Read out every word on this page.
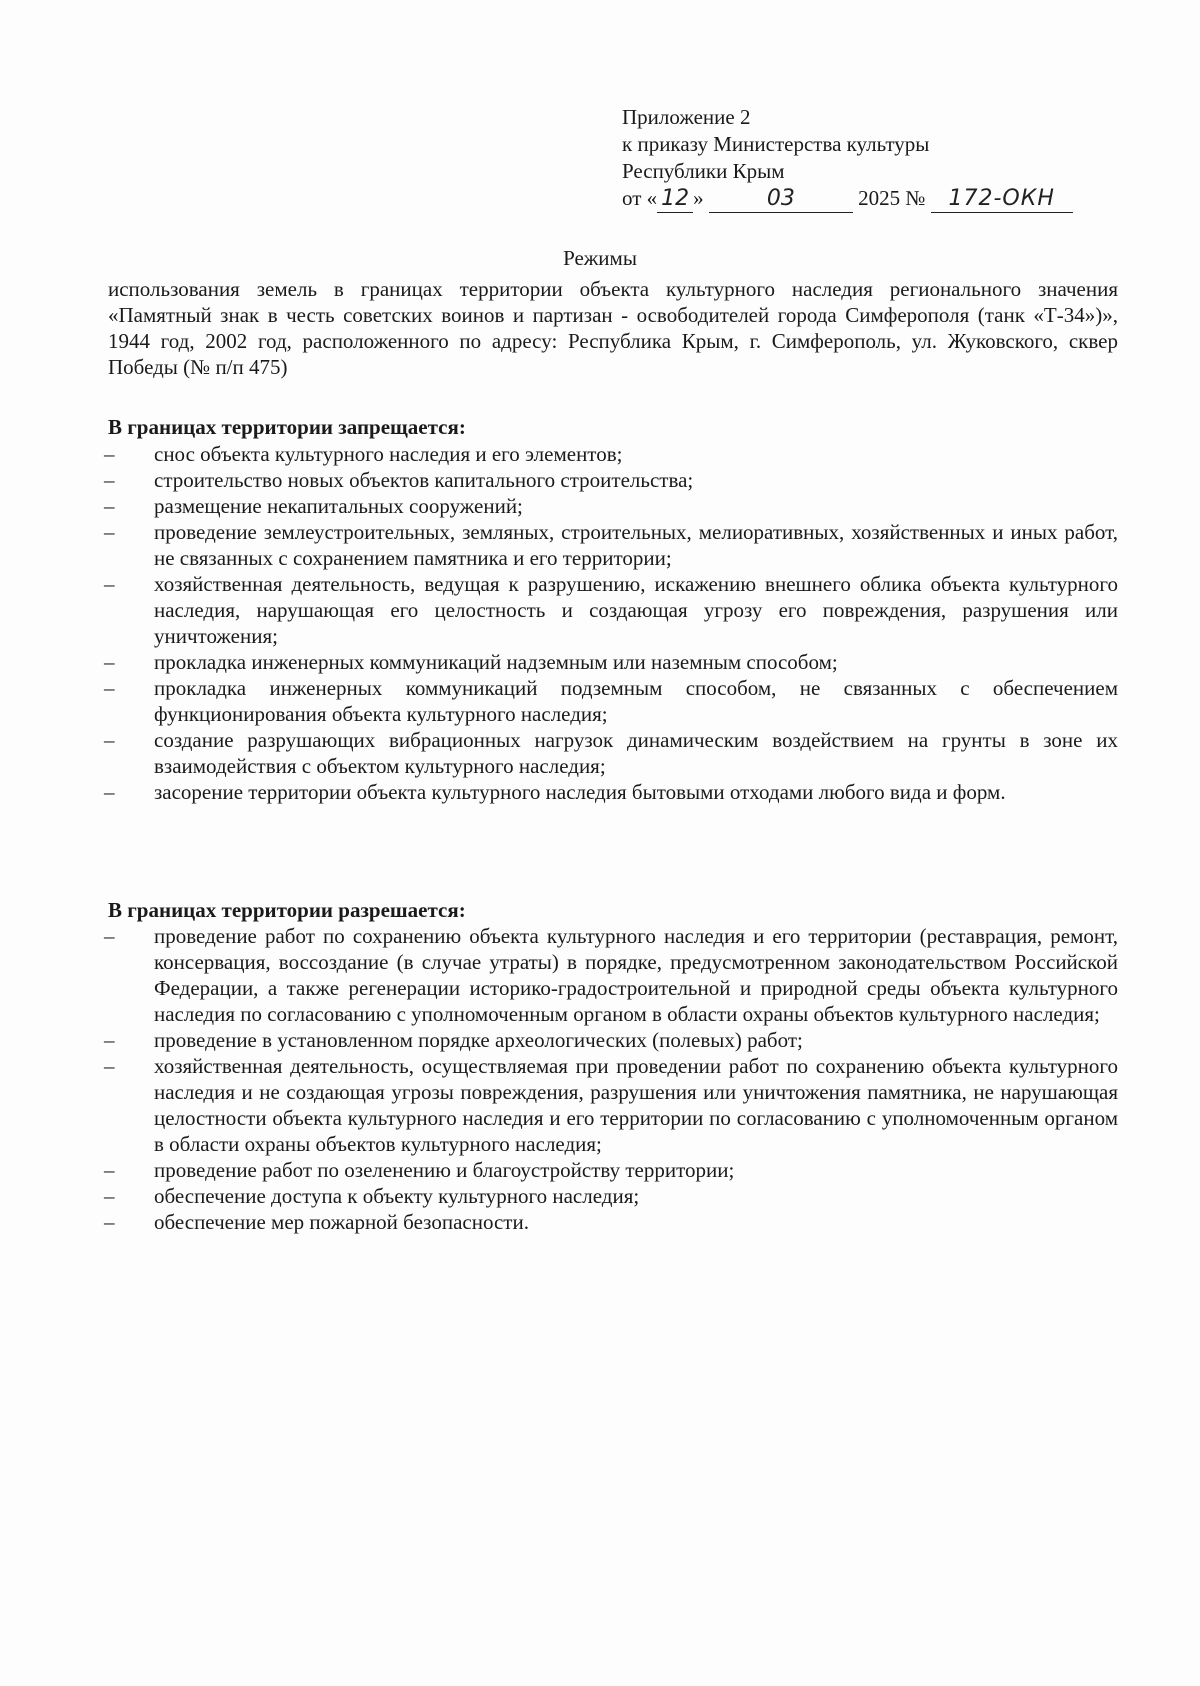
Приложение 2
к приказу Министерства культуры
Республики Крым
от « 12 »	03	2025 № 172-ОКН
Режимы
использования земель в границах территории объекта культурного наследия регионального значения «Памятный знак в честь советских воинов и партизан - освободителей города Симферополя (танк «Т-34»)», 1944 год, 2002 год, расположенного по адресу: Республика Крым, г. Симферополь, ул. Жуковского, сквер Победы (№ п/п 475)
В границах территории запрещается:
–	снос объекта культурного наследия и его элементов;
–	строительство новых объектов капитального строительства;
–	размещение некапитальных сооружений;
–	проведение землеустроительных, земляных, строительных, мелиоративных, хозяйственных и иных работ, не связанных с сохранением памятника и его территории;
–	хозяйственная деятельность, ведущая к разрушению, искажению внешнего облика объекта культурного наследия, нарушающая его целостность и создающая угрозу его повреждения, разрушения или уничтожения;
–	прокладка инженерных коммуникаций надземным или наземным способом;
–	прокладка инженерных коммуникаций подземным способом, не связанных с обеспечением функционирования объекта культурного наследия;
–	создание разрушающих вибрационных нагрузок динамическим воздействием на грунты в зоне их взаимодействия с объектом культурного наследия;
–	засорение территории объекта культурного наследия бытовыми отходами любого вида и форм.
В границах территории разрешается:
–	проведение работ по сохранению объекта культурного наследия и его территории (реставрация, ремонт, консервация, воссоздание (в случае утраты) в порядке, предусмотренном законодательством Российской Федерации, а также регенерации историко-градостроительной и природной среды объекта культурного наследия по согласованию с уполномоченным органом в области охраны объектов культурного наследия;
–	проведение в установленном порядке археологических (полевых) работ;
–	хозяйственная деятельность, осуществляемая при проведении работ по сохранению объекта культурного наследия и не создающая угрозы повреждения, разрушения или уничтожения памятника, не нарушающая целостности объекта культурного наследия и его территории по согласованию с уполномоченным органом в области охраны объектов культурного наследия;
–	проведение работ по озеленению и благоустройству территории;
–	обеспечение доступа к объекту культурного наследия;
–	обеспечение мер пожарной безопасности.
